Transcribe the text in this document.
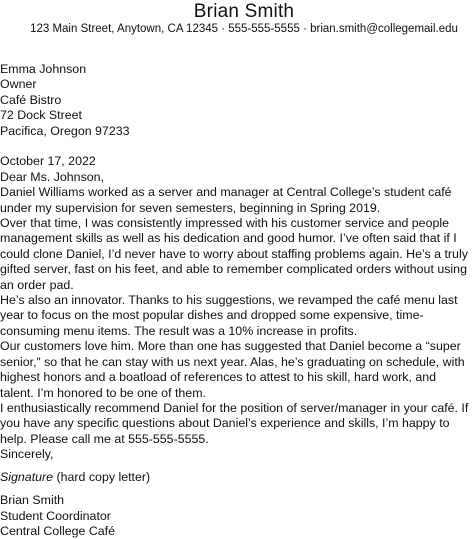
Brian Smith
123 Main Street, Anytown, CA 12345 · 555-555-5555 · brian.smith@collegemail.edu
Emma Johnson
Owner
Café Bistro
72 Dock Street
Pacifica, Oregon 97233

October 17, 2022

Dear Ms. Johnson,

Daniel Williams worked as a server and manager at Central College’s student café under my supervision for seven semesters, beginning in Spring 2019.

Over that time, I was consistently impressed with his customer service and people management skills as well as his dedication and good humor. I’ve often said that if I could clone Daniel, I’d never have to worry about staffing problems again. He’s a truly gifted server, fast on his feet, and able to remember complicated orders without using an order pad.

He’s also an innovator. Thanks to his suggestions, we revamped the café menu last year to focus on the most popular dishes and dropped some expensive, time-consuming menu items. The result was a 10% increase in profits.

Our customers love him. More than one has suggested that Daniel become a “super senior,” so that he can stay with us next year. Alas, he’s graduating on schedule, with highest honors and a boatload of references to attest to his skill, hard work, and talent. I’m honored to be one of them.

I enthusiastically recommend Daniel for the position of server/manager in your café. If you have any specific questions about Daniel’s experience and skills, I’m happy to help. Please call me at 555-555-5555.

Sincerely,
Signature (hard copy letter)
Brian Smith
Student Coordinator
Central College Café
